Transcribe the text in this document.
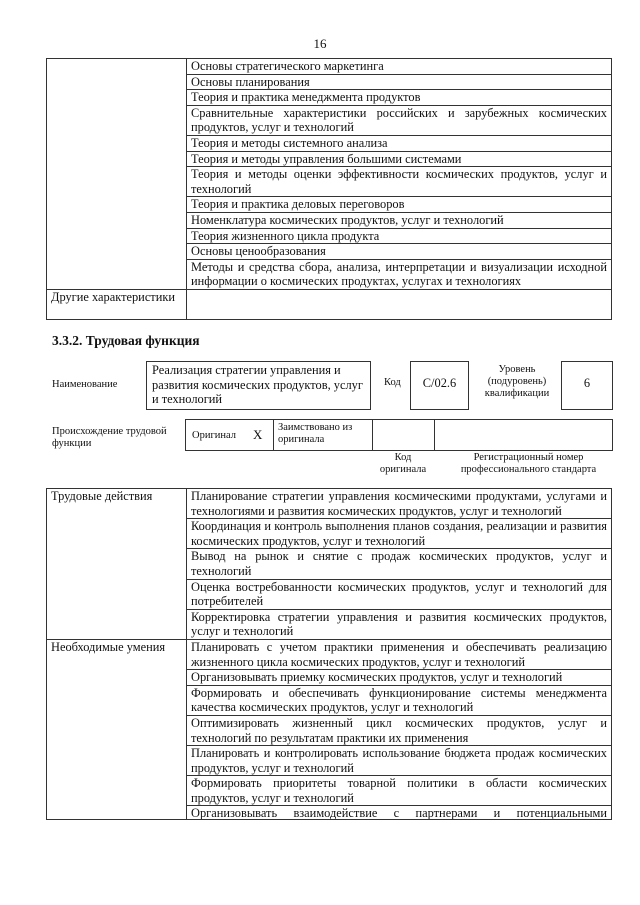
16
	Основы стратегического маркетинга
	Основы планирования
	Теория и практика менеджмента продуктов
	Сравнительные характеристики российских и зарубежных космических продуктов, услуг и технологий
	Теория и методы системного анализа
	Теория и методы управления большими системами
	Теория и методы оценки эффективности космических продуктов, услуг и технологий
	Теория и практика деловых переговоров
	Номенклатура космических продуктов, услуг и технологий
	Теория жизненного цикла продукта
	Основы ценообразования
	Методы и средства сбора, анализа, интерпретации и визуализации исходной информации о космических продуктах, услугах и технологиях
Другие характеристики	
3.3.2. Трудовая функция
Наименование
Реализация стратегии управления и развития космических продуктов, услуг и технологий
Код	C/02.6
Уровень (подуровень) квалификации
6
Происхождение трудовой функции
Оригинал X Заимствовано из оригинала
Код оригинала
Регистрационный номер профессионального стандарта
Трудовые действия	Планирование стратегии управления космическими продуктами, услугами и технологиями и развития космических продуктов, услуг и технологий
	Координация и контроль выполнения планов создания, реализации и развития космических продуктов, услуг и технологий
	Вывод на рынок и снятие с продаж космических продуктов, услуг и технологий
	Оценка востребованности космических продуктов, услуг и технологий для потребителей
	Корректировка стратегии управления и развития космических продуктов, услуг и технологий
Необходимые умения	Планировать с учетом практики применения и обеспечивать реализацию жизненного цикла космических продуктов, услуг и технологий
	Организовывать приемку космических продуктов, услуг и технологий
	Формировать и обеспечивать функционирование системы менеджмента качества космических продуктов, услуг и технологий
	Оптимизировать жизненный цикл космических продуктов, услуг и технологий по результатам практики их применения
	Планировать и контролировать использование бюджета продаж космических продуктов, услуг и технологий
	Формировать приоритеты товарной политики в области космических продуктов, услуг и технологий

	Организовывать взаимодействие с партнерами и потенциальными
